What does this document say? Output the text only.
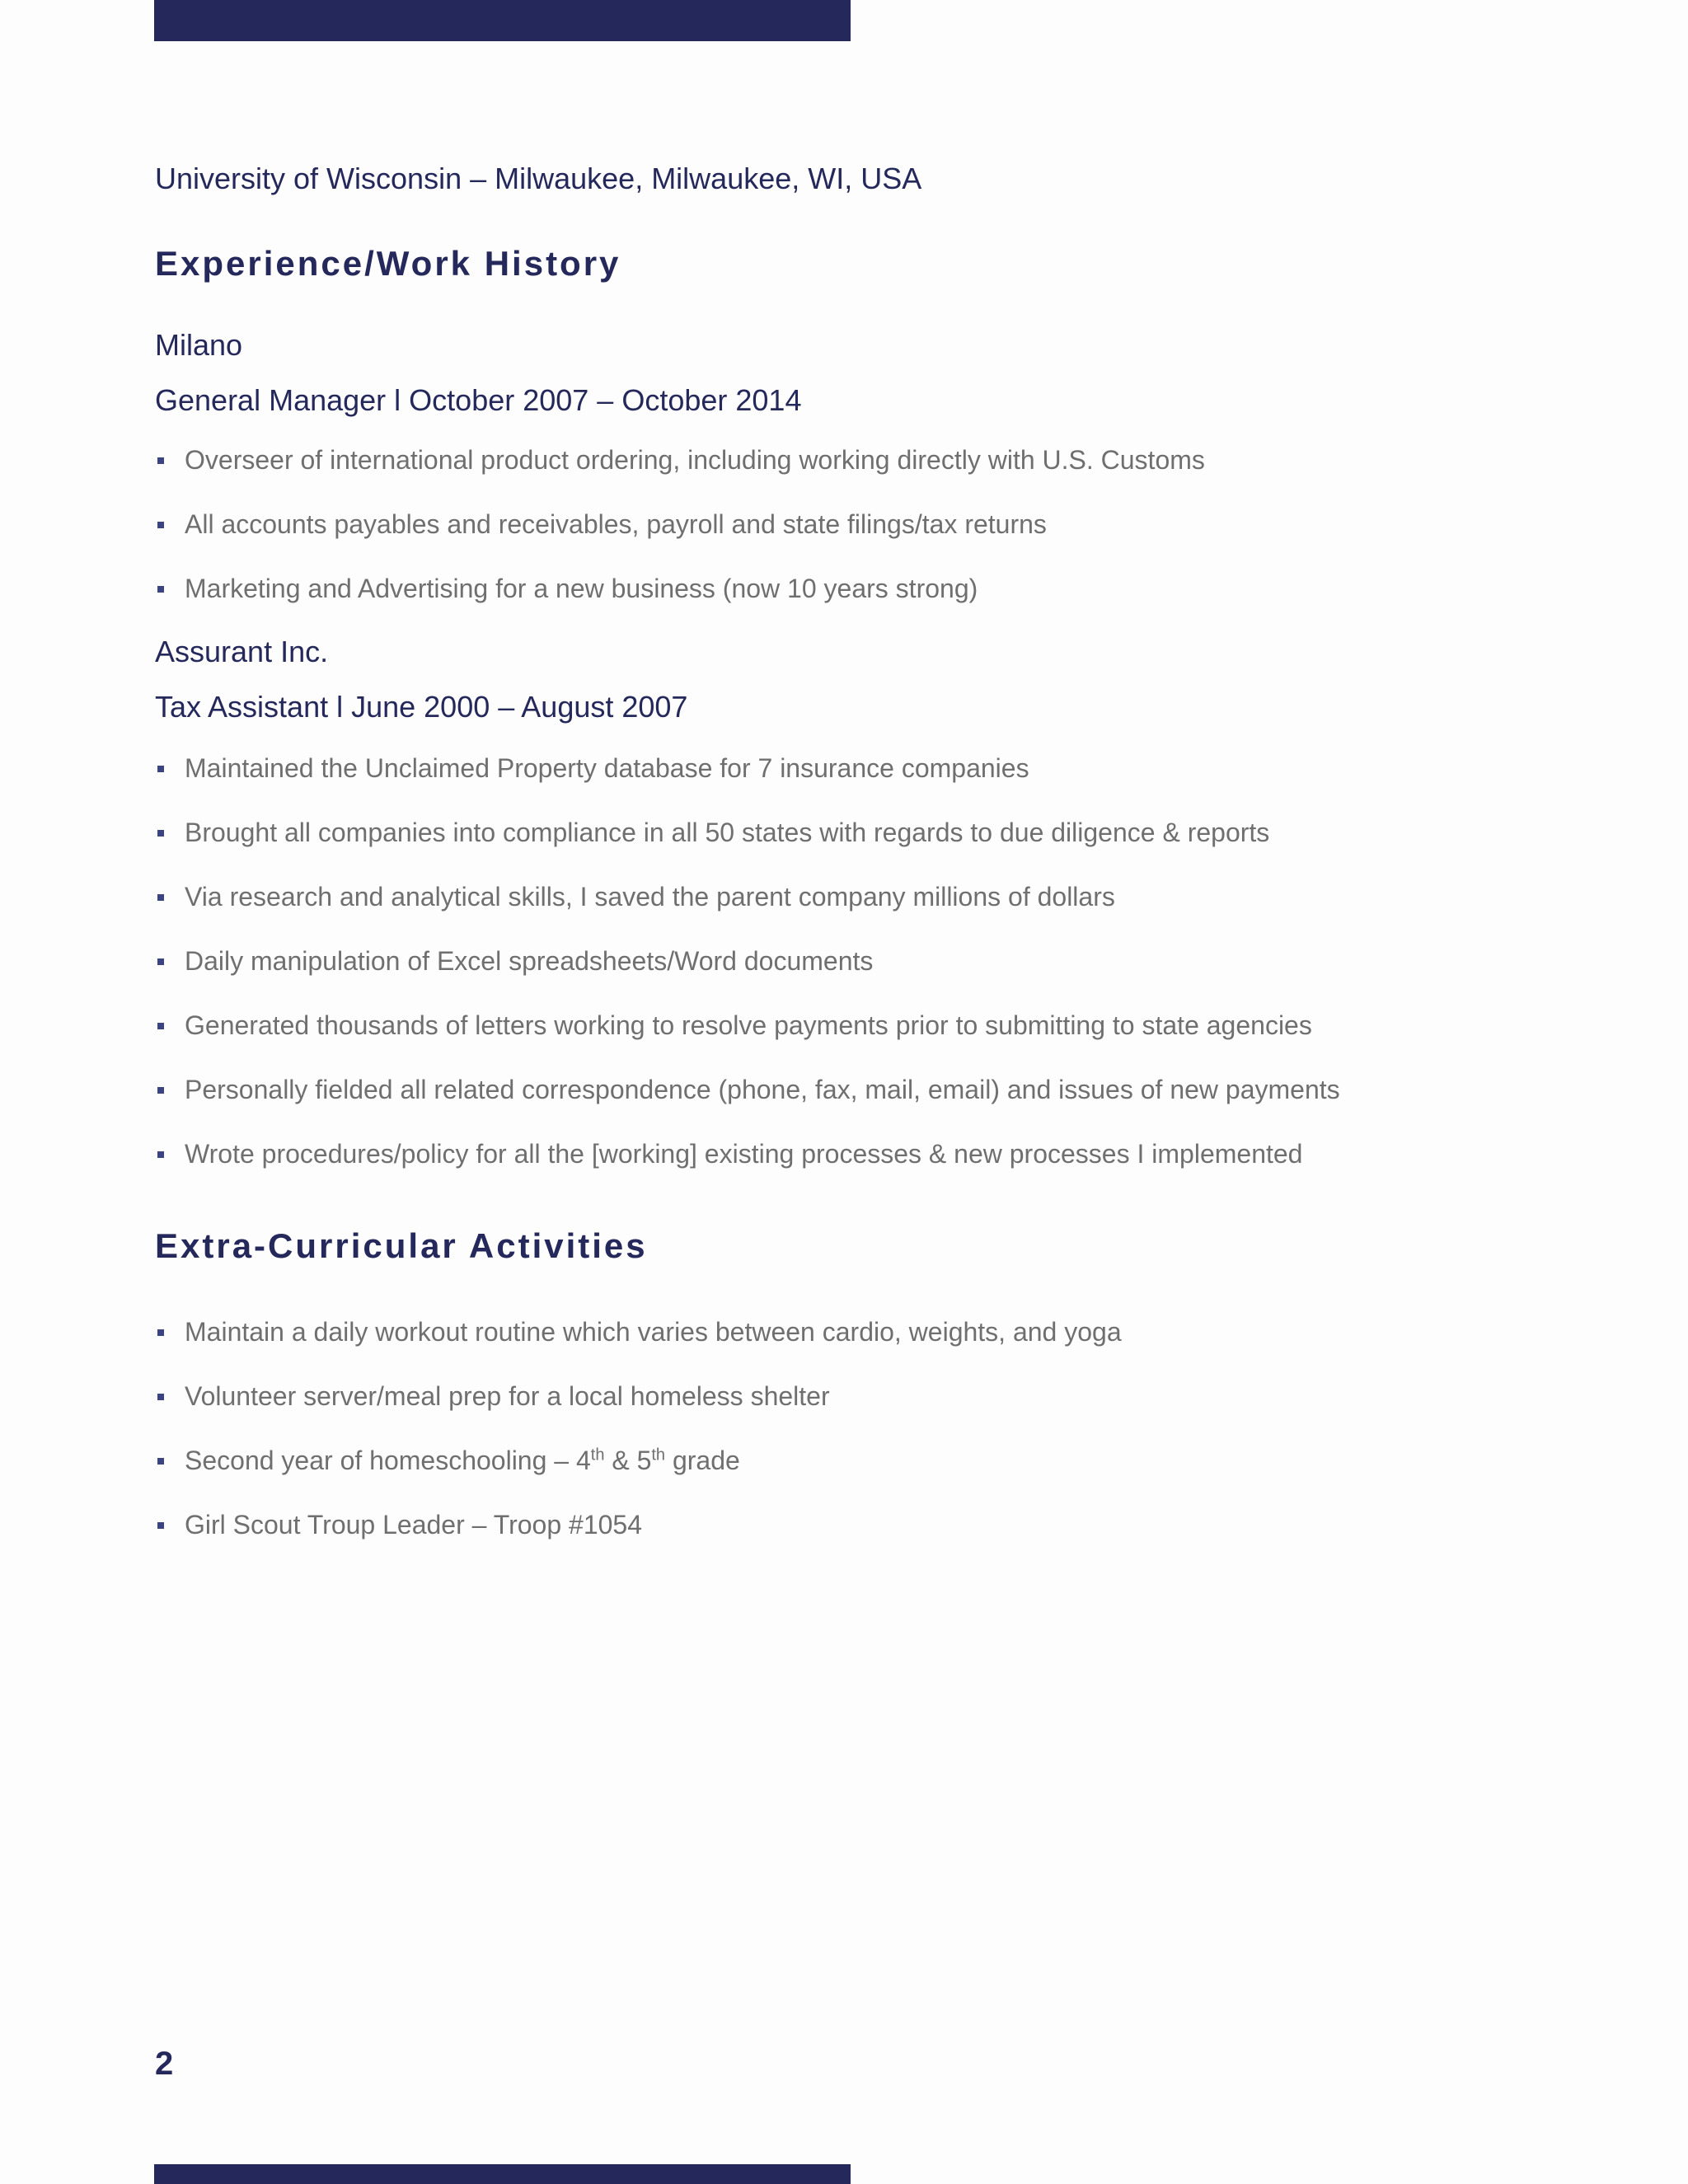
University of Wisconsin – Milwaukee, Milwaukee, WI, USA
Experience/Work History
Milano
General Manager l October 2007 – October 2014
Overseer of international product ordering, including working directly with U.S. Customs
All accounts payables and receivables, payroll and state filings/tax returns
Marketing and Advertising for a new business (now 10 years strong)
Assurant Inc.
Tax Assistant l June 2000 – August 2007
Maintained the Unclaimed Property database for 7 insurance companies
Brought all companies into compliance in all 50 states with regards to due diligence & reports
Via research and analytical skills, I saved the parent company millions of dollars
Daily manipulation of Excel spreadsheets/Word documents
Generated thousands of letters working to resolve payments prior to submitting to state agencies
Personally fielded all related correspondence (phone, fax, mail, email) and issues of new payments
Wrote procedures/policy for all the [working] existing processes & new processes I implemented
Extra-Curricular Activities
Maintain a daily workout routine which varies between cardio, weights, and yoga
Volunteer server/meal prep for a local homeless shelter
Second year of homeschooling – 4th & 5th grade
Girl Scout Troup Leader – Troop #1054
2
